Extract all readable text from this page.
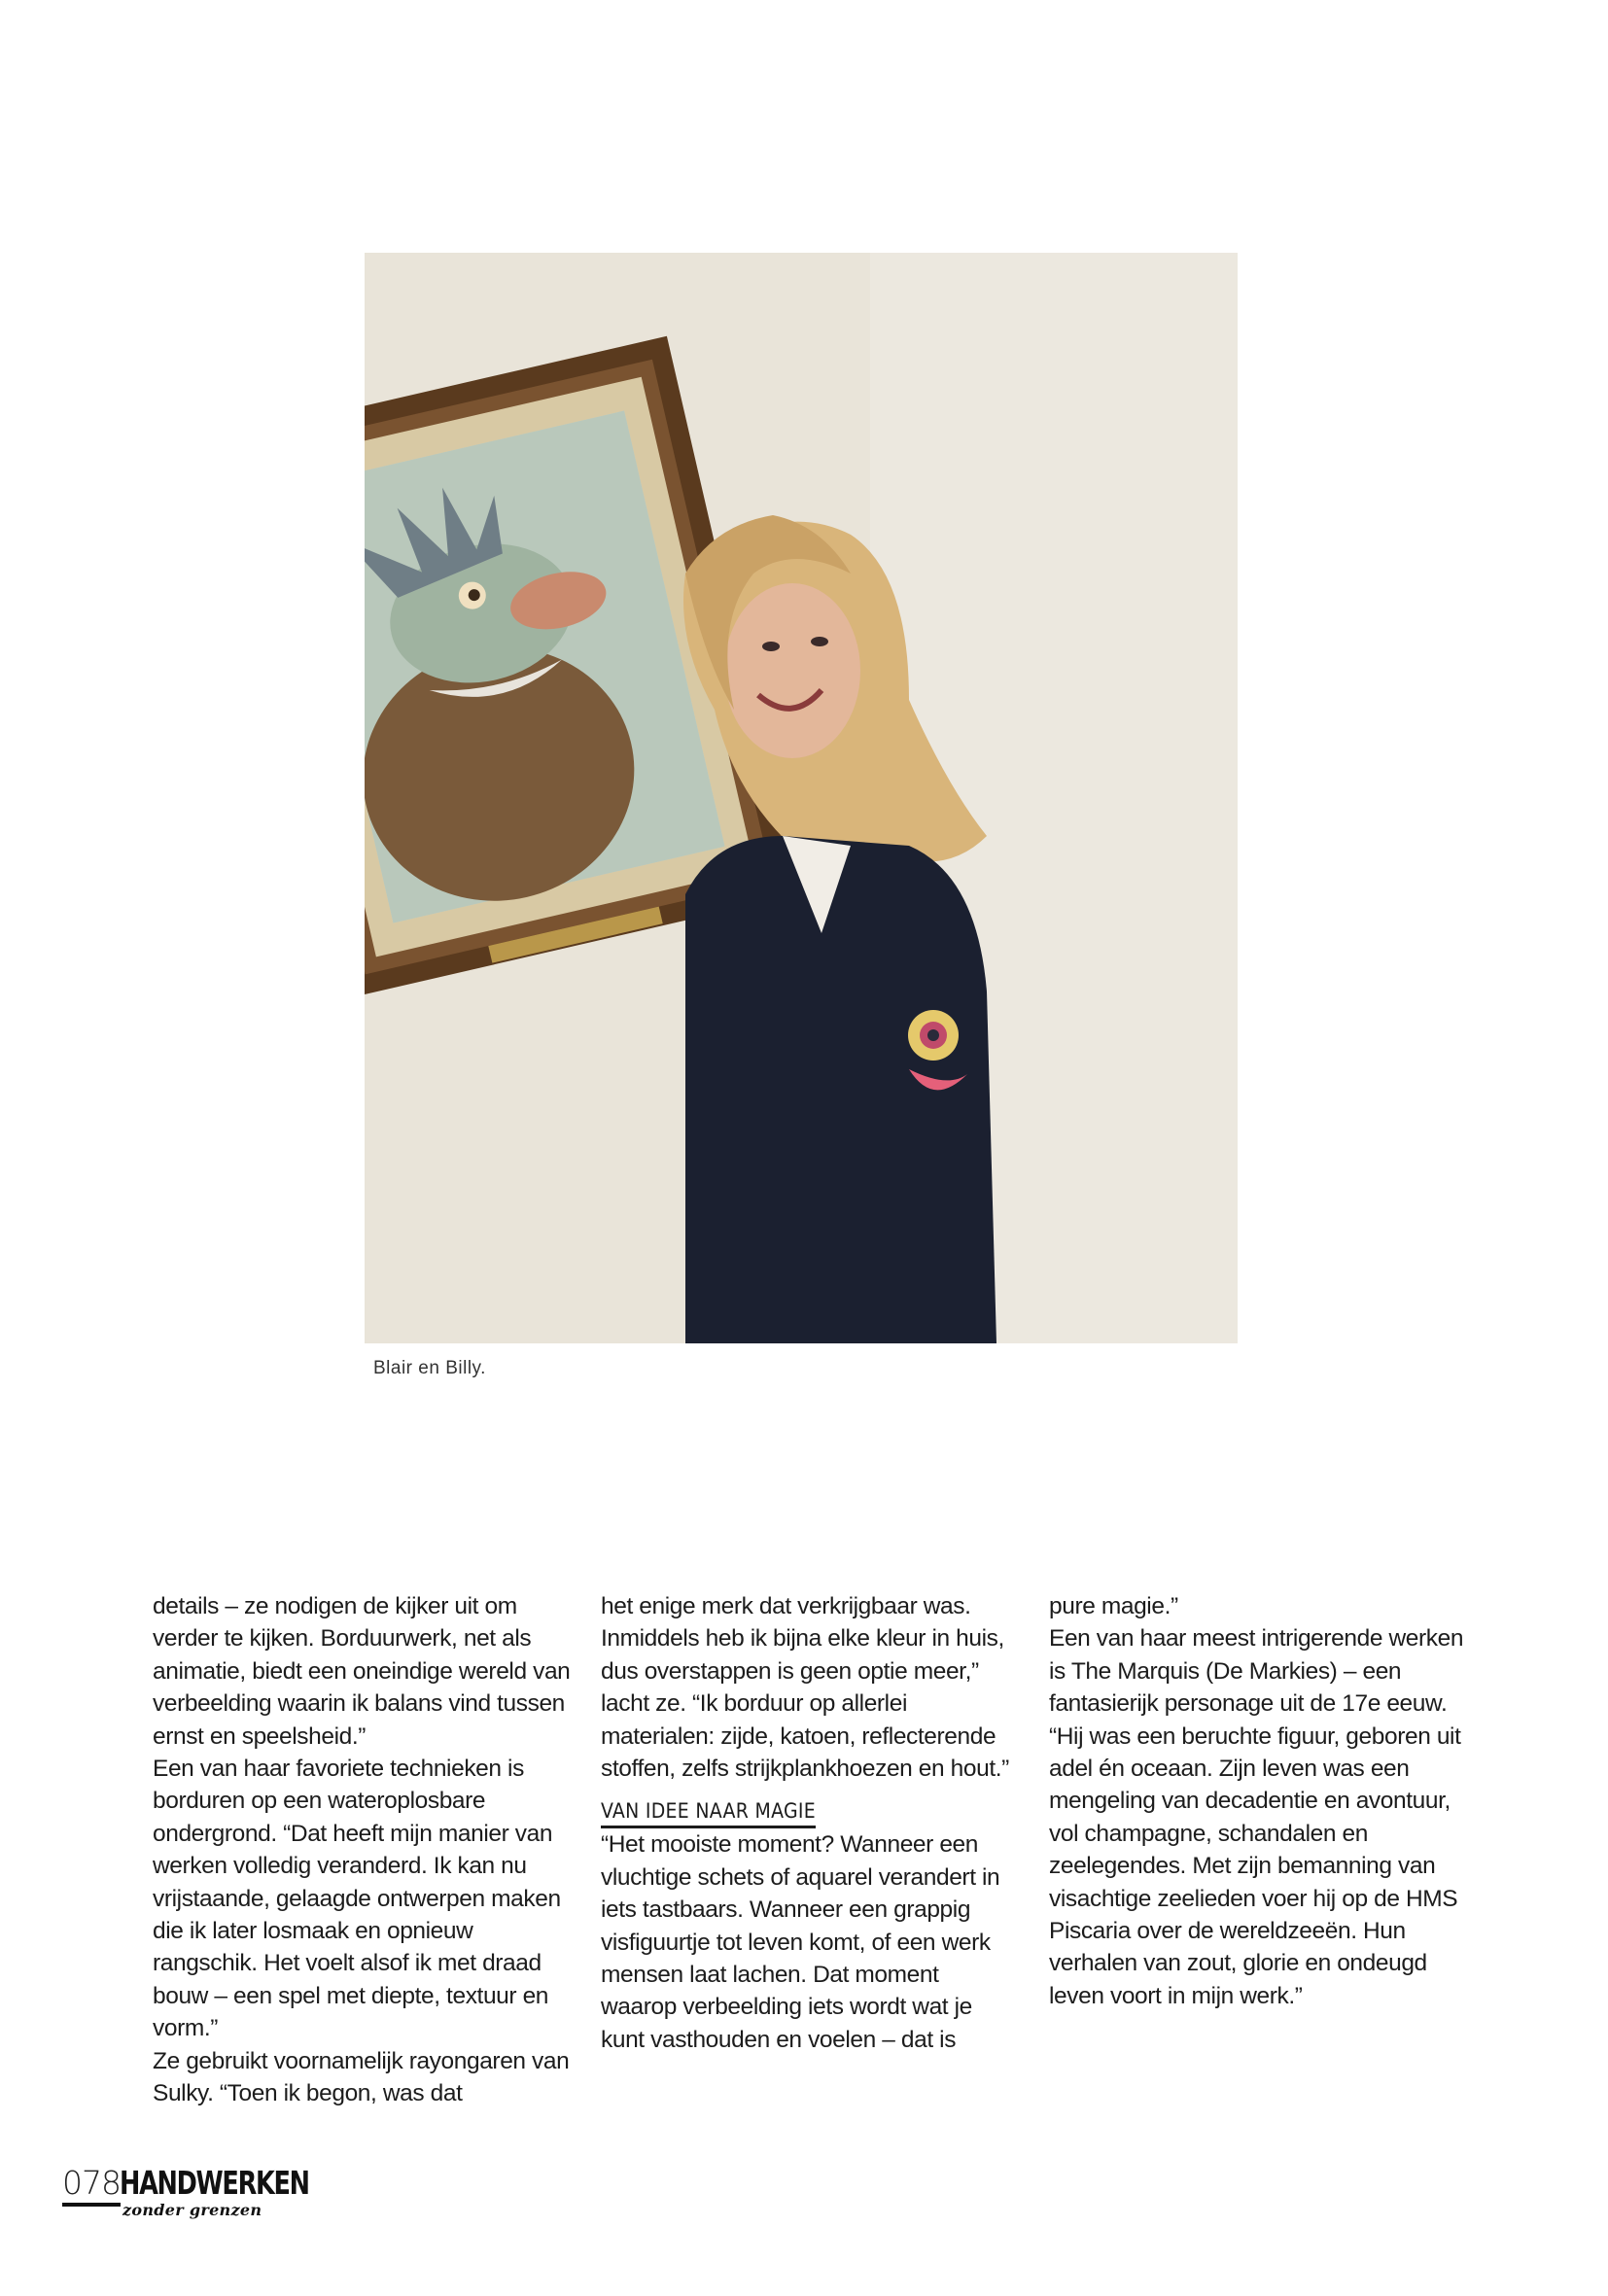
Blair en Billy.

details – ze nodigen de kijker uit om verder te kijken. Borduurwerk, net als animatie, biedt een oneindige wereld van verbeelding waarin ik balans vind tussen ernst en speelsheid.”

Een van haar favoriete technieken is borduren op een wateroplosbare ondergrond. “Dat heeft mijn manier van werken volledig veranderd. Ik kan nu vrijstaande, gelaagde ontwerpen maken die ik later losmaak en opnieuw rangschik. Het voelt alsof ik met draad bouw – een spel met diepte, textuur en vorm.”

Ze gebruikt voornamelijk rayongaren van Sulky. “Toen ik begon, was dat

het enige merk dat verkrijgbaar was. Inmiddels heb ik bijna elke kleur in huis, dus overstappen is geen optie meer,” lacht ze. “Ik borduur op allerlei materialen: zijde, katoen, reflecterende stoffen, zelfs strijkplankhoezen en hout.”

VAN IDEE NAAR MAGIE

“Het mooiste moment? Wanneer een vluchtige schets of aquarel verandert in iets tastbaars. Wanneer een grappig visfiguurtje tot leven komt, of een werk mensen laat lachen. Dat moment waarop verbeelding iets wordt wat je kunt vasthouden en voelen – dat is

pure magie.”

Een van haar meest intrigerende werken is The Marquis (De Markies) – een fantasierijk personage uit de 17e eeuw. “Hij was een beruchte figuur, geboren uit adel én oceaan. Zijn leven was een mengeling van decadentie en avontuur, vol champagne, schandalen en zeelegendes. Met zijn bemanning van visachtige zeelieden voer hij op de HMS Piscaria over de wereldzeeën. Hun verhalen van zout, glorie en ondeugd leven voort in mijn werk.”

078 HANDWERKEN
zonder grenzen
